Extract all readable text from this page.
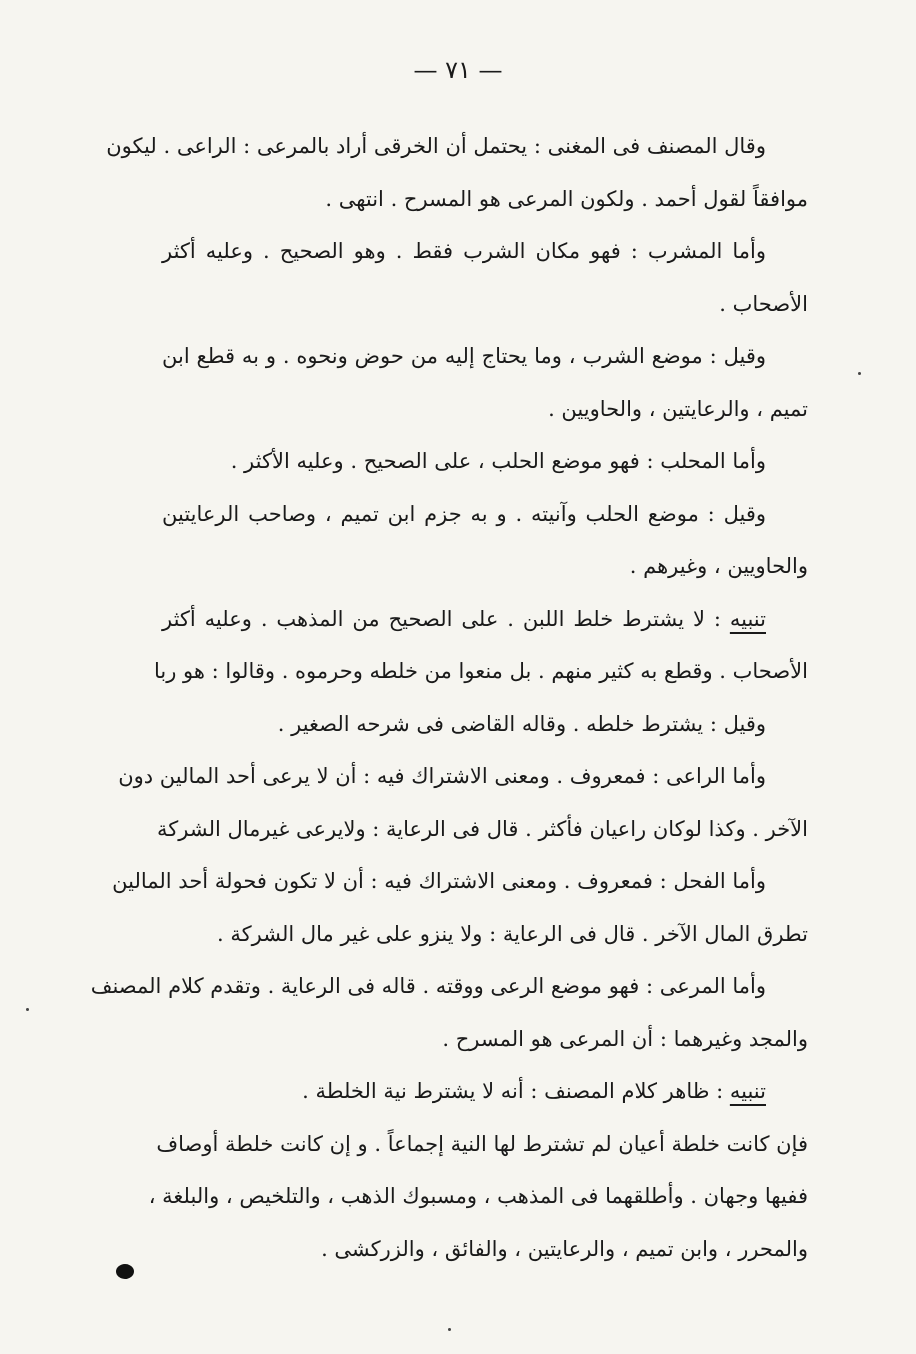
— ٧١ —
وقال المصنف فى المغنى : يحتمل أن الخرقى أراد بالمرعى : الراعى . ليكون
موافقاً لقول أحمد . ولكون المرعى هو المسرح . انتهى .
وأما المشرب : فهو مكان الشرب فقط . وهو الصحيح . وعليه أكثر
الأصحاب .
وقيل : موضع الشرب ، وما يحتاج إليه من حوض ونحوه . و به قطع ابن
تميم ، والرعايتين ، والحاويين .
وأما المحلب : فهو موضع الحلب ، على الصحيح . وعليه الأكثر .
وقيل : موضع الحلب وآنيته . و به جزم ابن تميم ، وصاحب الرعايتين
والحاويين ، وغيرهم .
تنبيه : لا يشترط خلط اللبن . على الصحيح من المذهب . وعليه أكثر
الأصحاب . وقطع به كثير منهم . بل منعوا من خلطه وحرموه . وقالوا : هو ربا
وقيل : يشترط خلطه . وقاله القاضى فى شرحه الصغير .
وأما الراعى : فمعروف . ومعنى الاشتراك فيه : أن لا يرعى أحد المالين دون
الآخر . وكذا لوكان راعيان فأكثر . قال فى الرعاية : ولايرعى غيرمال الشركة
وأما الفحل : فمعروف . ومعنى الاشتراك فيه : أن لا تكون فحولة أحد المالين
تطرق المال الآخر . قال فى الرعاية : ولا ينزو على غير مال الشركة .
وأما المرعى : فهو موضع الرعى ووقته . قاله فى الرعاية . وتقدم كلام المصنف
والمجد وغيرهما : أن المرعى هو المسرح .
تنبيه : ظاهر كلام المصنف : أنه لا يشترط نية الخلطة .
فإن كانت خلطة أعيان لم تشترط لها النية إجماعاً . و إن كانت خلطة أوصاف
ففيها وجهان . وأطلقهما فى المذهب ، ومسبوك الذهب ، والتلخيص ، والبلغة ،
والمحرر ، وابن تميم ، والرعايتين ، والفائق ، والزركشى .
